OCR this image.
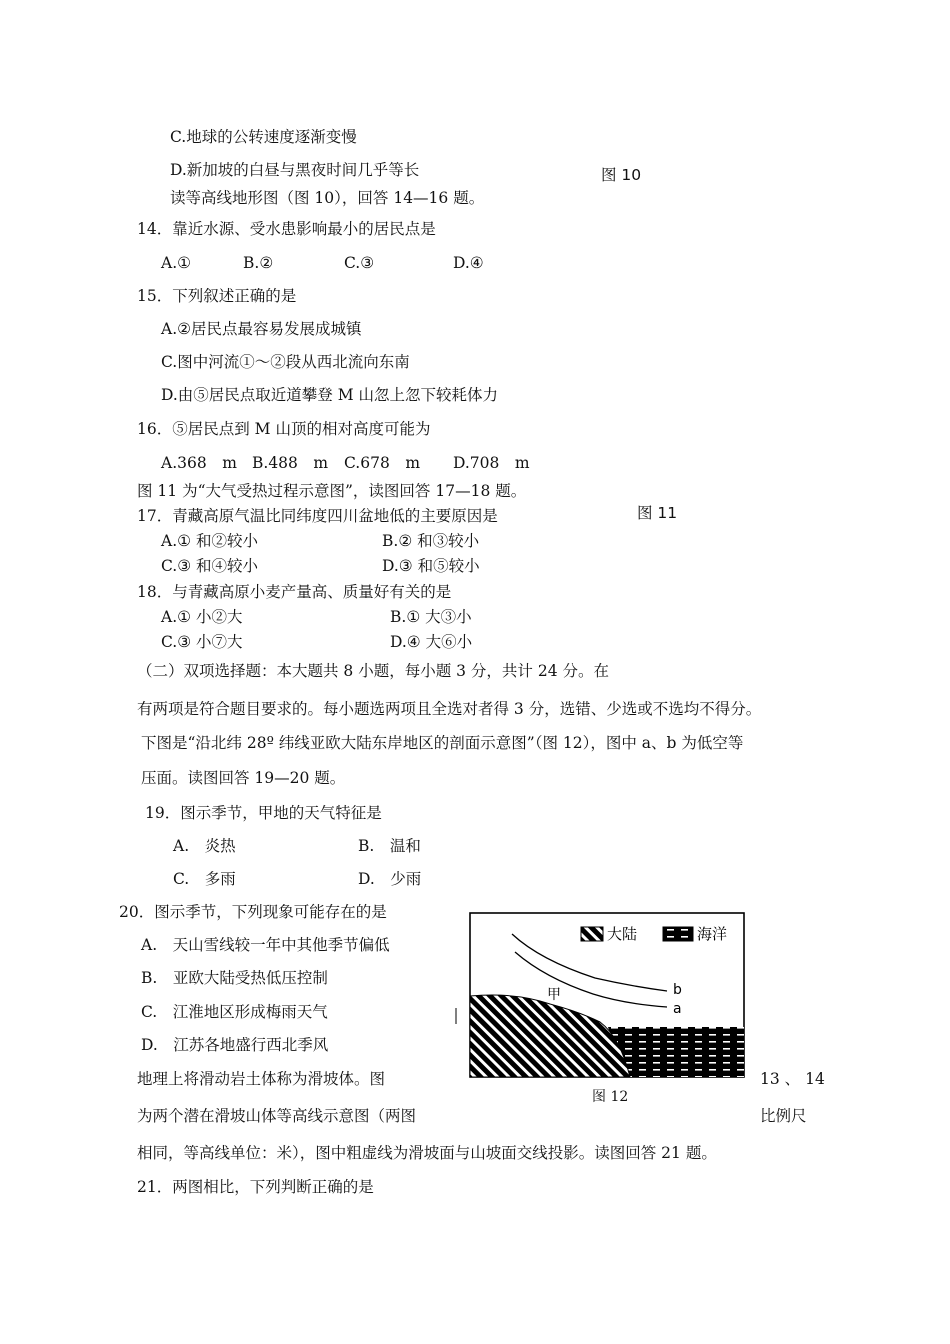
C.地球的公转速度逐渐变慢
D.新加坡的白昼与黑夜时间几乎等长	图 10
读等高线地形图（图 10），回答 14—16 题。
14．靠近水源、受水患影响最小的居民点是
A.①	B.②	C.③	D.④
15．下列叙述正确的是
A.②居民点最容易发展成城镇
C.图中河流①～②段从西北流向东南
D.由⑤居民点取近道攀登 M 山忽上忽下较耗体力
16．⑤居民点到 M 山顶的相对高度可能为
A.368　m B.488　m C.678　m D.708　m
图 11 为“大气受热过程示意图”，读图回答 17—18 题。
图 11
17．青藏高原气温比同纬度四川盆地低的主要原因是
A.① 和②较小	B.② 和③较小
C.③ 和④较小	D.③ 和⑤较小
18．与青藏高原小麦产量高、质量好有关的是
A.① 小②大	B.① 大③小
C.③ 小⑦大	D.④ 大⑥小
（二）双项选择题：本大题共 8 小题，每小题 3 分，共计 24 分。在
有两项是符合题目要求的。每小题选两项且全选对者得 3 分，选错、少选或不选均不得分。
下图是“沿北纬 28º 纬线亚欧大陆东岸地区的剖面示意图”（图 12），图中 a、b 为低空等
压面。读图回答 19—20 题。
19．图示季节，甲地的天气特征是
A.　炎热	B.　温和
C.　多雨	D.　少雨
20．图示季节，下列现象可能存在的是
A.　天山雪线较一年中其他季节偏低
B.　亚欧大陆受热低压控制
C.　江淮地区形成梅雨天气
D.　江苏各地盛行西北季风
地理上将滑动岩土体称为滑坡体。图	13 、 14
图 12
为两个潜在滑坡山体等高线示意图（两图	比例尺
相同，等高线单位：米），图中粗虚线为滑坡面与山坡面交线投影。读图回答 21 题。
21．两图相比，下列判断正确的是
大陆	海洋
甲	b
a
